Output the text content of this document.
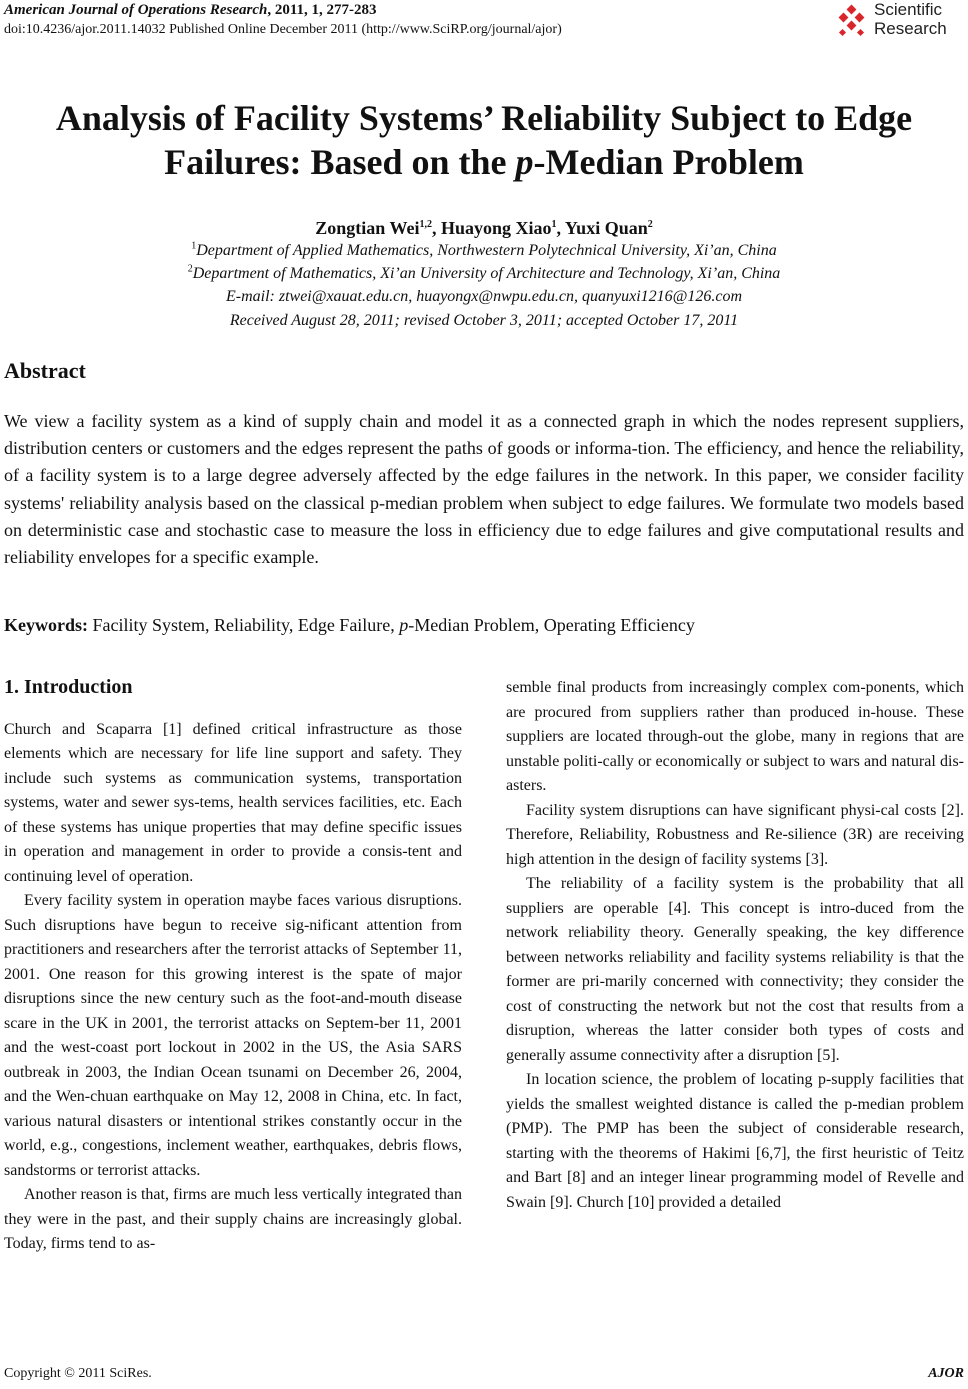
American Journal of Operations Research, 2011, 1, 277-283
doi:10.4236/ajor.2011.14032 Published Online December 2011 (http://www.SciRP.org/journal/ajor)
Scientific
Research
Analysis of Facility Systems’ Reliability Subject to Edge
Failures: Based on the p-Median Problem
Zongtian Wei$^{1,2}$, Huayong Xiao$^1$, Yuxi Quan$^2$
$^1$Department of Applied Mathematics, Northwestern Polytechnical University, Xi’an, China
$^2$Department of Mathematics, Xi’an University of Architecture and Technology, Xi’an, China
E-mail: ztwei@xauat.edu.cn, huayongx@nwpu.edu.cn, quanyuxi1216@126.com
Received August 28, 2011; revised October 3, 2011; accepted October 17, 2011
Abstract

We view a facility system as a kind of supply chain and model it as a connected graph in which the nodes represent suppliers, distribution centers or customers and the edges represent the paths of goods or informa-tion. The efficiency, and hence the reliability, of a facility system is to a large degree adversely affected by the edge failures in the network. In this paper, we consider facility systems' reliability analysis based on the classical p-median problem when subject to edge failures. We formulate two models based on deterministic case and stochastic case to measure the loss in efficiency due to edge failures and give computational results and reliability envelopes for a specific example.

Keywords: Facility System, Reliability, Edge Failure, p-Median Problem, Operating Efficiency
1. Introduction

Church and Scaparra [1] defined critical infrastructure as those elements which are necessary for life line support and safety. They include such systems as communication systems, transportation systems, water and sewer sys-tems, health services facilities, etc. Each of these systems has unique properties that may define specific issues in operation and management in order to provide a consis-tent and continuing level of operation.

Every facility system in operation maybe faces various disruptions. Such disruptions have begun to receive sig-nificant attention from practitioners and researchers after the terrorist attacks of September 11, 2001. One reason for this growing interest is the spate of major disruptions since the new century such as the foot-and-mouth disease scare in the UK in 2001, the terrorist attacks on Septem-ber 11, 2001 and the west-coast port lockout in 2002 in the US, the Asia SARS outbreak in 2003, the Indian Ocean tsunami on December 26, 2004, and the Wen-chuan earthquake on May 12, 2008 in China, etc. In fact, various natural disasters or intentional strikes constantly occur in the world, e.g., congestions, inclement weather, earthquakes, debris flows, sandstorms or terrorist attacks.

Another reason is that, firms are much less vertically integrated than they were in the past, and their supply chains are increasingly global. Today, firms tend to as-

semble final products from increasingly complex com-ponents, which are procured from suppliers rather than produced in-house. These suppliers are located through-out the globe, many in regions that are unstable politi-cally or economically or subject to wars and natural dis-asters.

Facility system disruptions can have significant physi-cal costs [2]. Therefore, Reliability, Robustness and Re-silience (3R) are receiving high attention in the design of facility systems [3].

The reliability of a facility system is the probability that all suppliers are operable [4]. This concept is intro-duced from the network reliability theory. Generally speaking, the key difference between networks reliability and facility systems reliability is that the former are pri-marily concerned with connectivity; they consider the cost of constructing the network but not the cost that results from a disruption, whereas the latter consider both types of costs and generally assume connectivity after a disruption [5].

In location science, the problem of locating p-supply facilities that yields the smallest weighted distance is called the p-median problem (PMP). The PMP has been the subject of considerable research, starting with the theorems of Hakimi [6,7], the first heuristic of Teitz and Bart [8] and an integer linear programming model of Revelle and Swain [9]. Church [10] provided a detailed

Copyright © 2011 SciRes.	AJOR
